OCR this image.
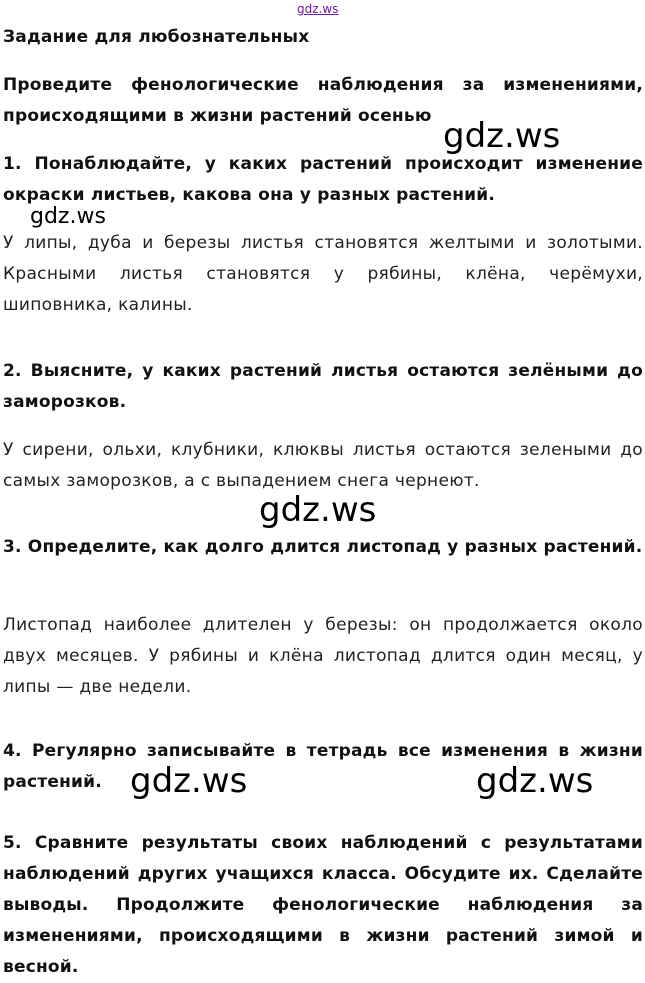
gdz.ws

Задание для любознательных

Проведите фенологические наблюдения за изменениями, происходящими в жизни растений осенью

1. Понаблюдайте, у каких растений происходит изменение окраски листьев, какова она у разных растений.

У липы, дуба и березы листья становятся желтыми и золотыми. Красными листья становятся у рябины, клёна, черёмухи, шиповника, калины.

2. Выясните, у каких растений листья остаются зелёными до заморозков.

У сирени, ольхи, клубники, клюквы листья остаются зелеными до самых заморозков, а с выпадением снега чернеют.

3. Определите, как долго длится листопад у разных растений.

Листопад наиболее длителен у березы: он продолжается около двух месяцев. У рябины и клёна листопад длится один месяц, у липы — две недели.

4. Регулярно записывайте в тетрадь все изменения в жизни растений.

5. Сравните результаты своих наблюдений с результатами наблюдений других учащихся класса. Обсудите их. Сделайте выводы. Продолжите фенологические наблюдения за изменениями, происходящими в жизни растений зимой и весной.

gdz.ws
gdz.ws
gdz.ws
gdz.ws	gdz.ws
